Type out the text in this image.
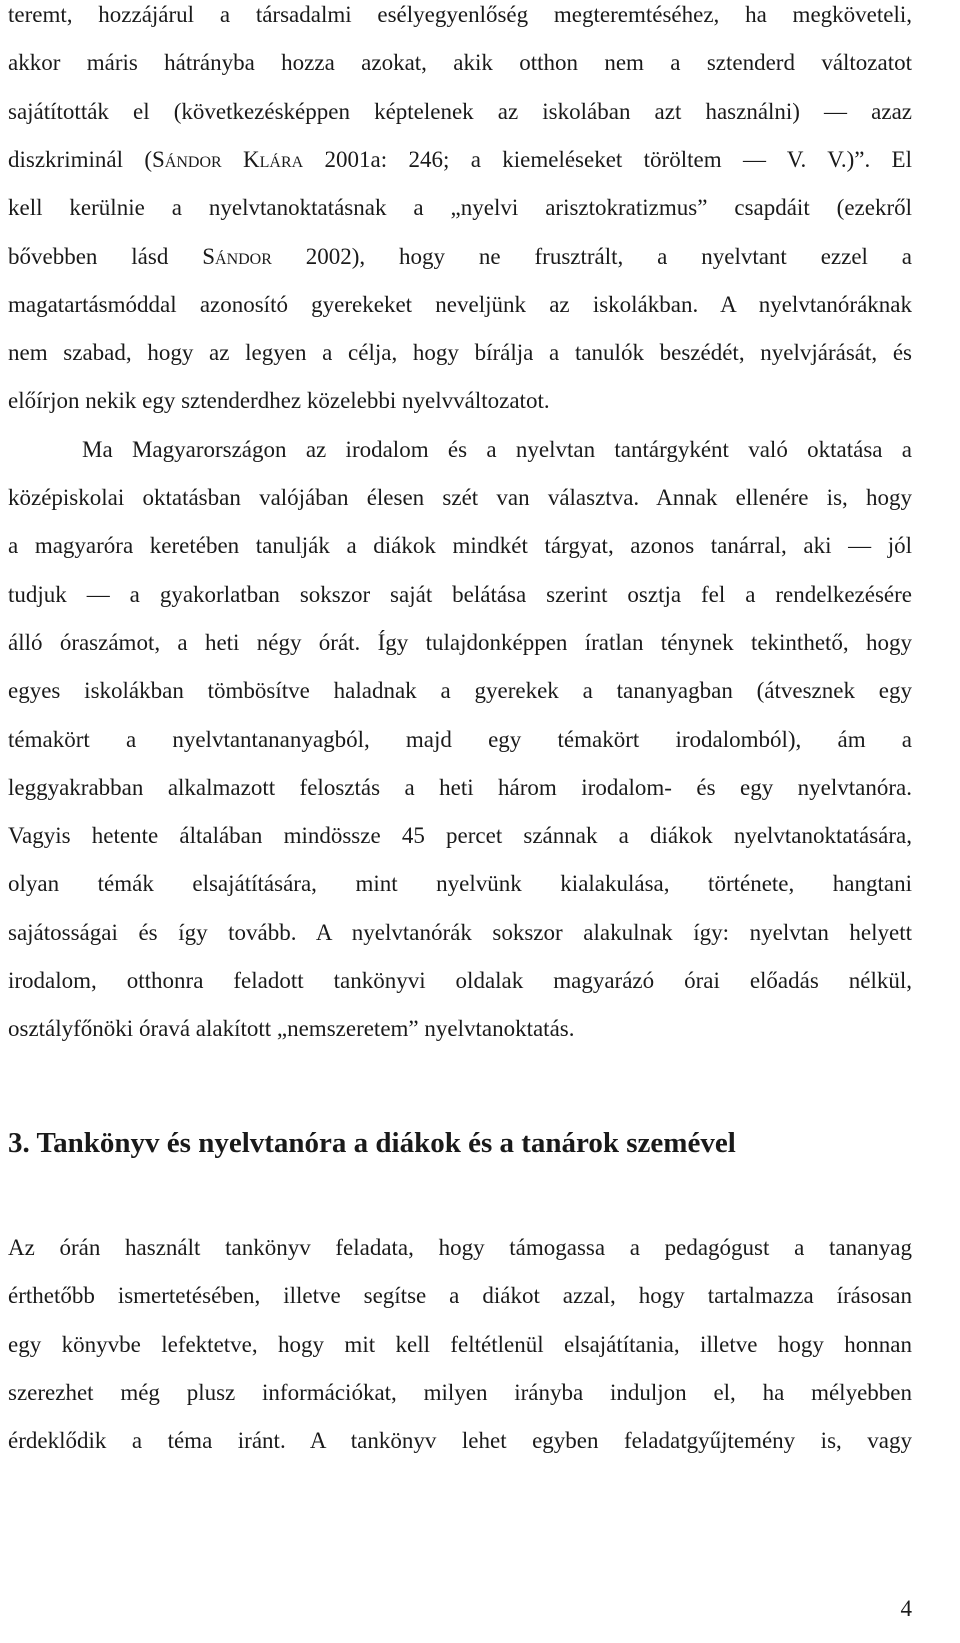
teremt, hozzájárul a társadalmi esélyegyenlőség megteremtéséhez, ha megköveteli,
akkor máris hátrányba hozza azokat, akik otthon nem a sztenderd változatot
sajátították el (következésképpen képtelenek az iskolában azt használni) — azaz
diszkriminál (Sándor Klára 2001a: 246; a kiemeléseket töröltem — V. V.)”. El
kell kerülnie a nyelvtanoktatásnak a „nyelvi arisztokratizmus” csapdáit (ezekről
bővebben lásd Sándor 2002), hogy ne frusztrált, a nyelvtant ezzel a
magatartásmóddal azonosító gyerekeket neveljünk az iskolákban. A nyelvtanóráknak
nem szabad, hogy az legyen a célja, hogy bírálja a tanulók beszédét, nyelvjárását, és
előírjon nekik egy sztenderdhez közelebbi nyelvváltozatot.
Ma Magyarországon az irodalom és a nyelvtan tantárgyként való oktatása a
középiskolai oktatásban valójában élesen szét van választva. Annak ellenére is, hogy
a magyaróra keretében tanulják a diákok mindkét tárgyat, azonos tanárral, aki — jól
tudjuk — a gyakorlatban sokszor saját belátása szerint osztja fel a rendelkezésére
álló óraszámot, a heti négy órát. Így tulajdonképpen íratlan ténynek tekinthető, hogy
egyes iskolákban tömbösítve haladnak a gyerekek a tananyagban (átvesznek egy
témakört a nyelvtantananyagból, majd egy témakört irodalomból), ám a
leggyakrabban alkalmazott felosztás a heti három irodalom- és egy nyelvtanóra.
Vagyis hetente általában mindössze 45 percet szánnak a diákok nyelvtanoktatására,
olyan témák elsajátítására, mint nyelvünk kialakulása, története, hangtani
sajátosságai és így tovább. A nyelvtanórák sokszor alakulnak így: nyelvtan helyett
irodalom, otthonra feladott tankönyvi oldalak magyarázó órai előadás nélkül,
osztályfőnöki óravá alakított „nemszeretem” nyelvtanoktatás.
3. Tankönyv és nyelvtanóra a diákok és a tanárok szemével
Az órán használt tankönyv feladata, hogy támogassa a pedagógust a tananyag
érthetőbb ismertetésében, illetve segítse a diákot azzal, hogy tartalmazza írásosan
egy könyvbe lefektetve, hogy mit kell feltétlenül elsajátítania, illetve hogy honnan
szerezhet még plusz információkat, milyen irányba induljon el, ha mélyebben
érdeklődik a téma iránt. A tankönyv lehet egyben feladatgyűjtemény is, vagy
4
